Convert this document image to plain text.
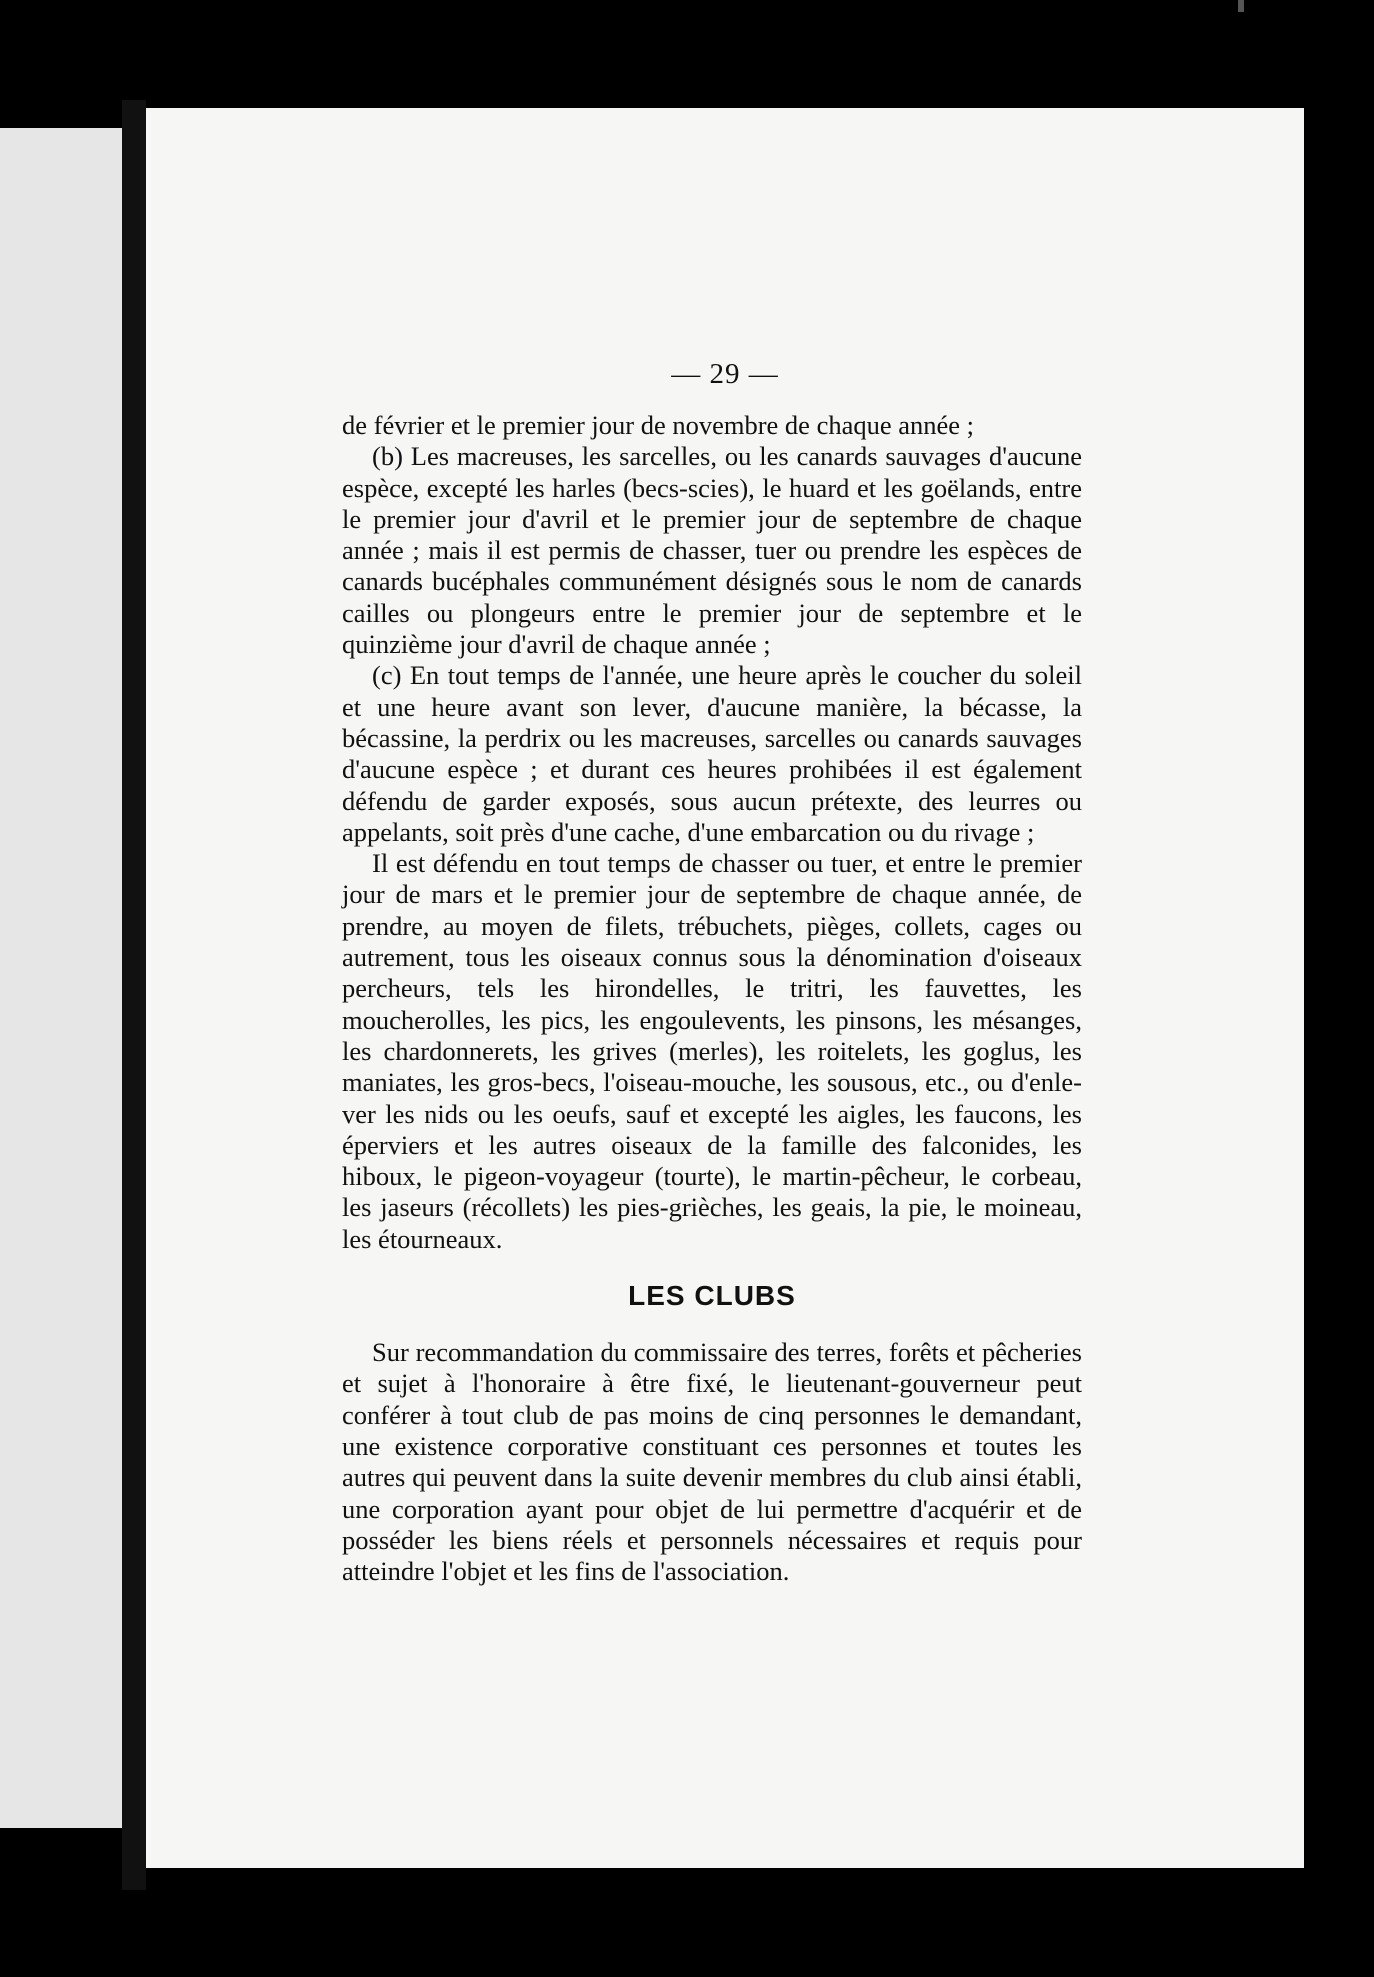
— 29 —

de février et le premier jour de novembre de chaque année ;

(b) Les macreuses, les sarcelles, ou les canards sauvages d'aucune espèce, excepté les harles (becs-scies), le huard et les goëlands, entre le premier jour d'avril et le premier jour de septembre de chaque année ; mais il est permis de chasser, tuer ou prendre les espèces de canards bucéphales communément désignés sous le nom de canards cailles ou plongeurs entre le premier jour de septembre et le quinzième jour d'avril de chaque année ;

(c) En tout temps de l'année, une heure après le coucher du soleil et une heure avant son lever, d'aucune manière, la bécasse, la bécassine, la perdrix ou les macreuses, sarcelles ou canards sauvages d'aucune espèce ; et durant ces heures prohibées il est également défendu de garder exposés, sous aucun prétexte, des leurres ou appelants, soit près d'une cache, d'une embarcation ou du rivage ;

Il est défendu en tout temps de chasser ou tuer, et entre le premier jour de mars et le premier jour de septembre de chaque année, de prendre, au moyen de filets, trébuchets, pièges, collets, cages ou autrement, tous les oiseaux connus sous la dénomination d'oiseaux percheurs, tels les hirondelles, le tritri, les fauvettes, les moucherolles, les pics, les engoulevents, les pinsons, les mésanges, les chardonnerets, les grives (merles), les roitelets, les goglus, les maniates, les gros-becs, l'oiseau-mouche, les sousous, etc., ou d'enlever les nids ou les oeufs, sauf et excepté les aigles, les faucons, les éperviers et les autres oiseaux de la famille des falconides, les hiboux, le pigeon-voyageur (tourte), le martin-pêcheur, le corbeau, les jaseurs (récollets) les pies-grièches, les geais, la pie, le moineau, les étourneaux.

LES CLUBS

Sur recommandation du commissaire des terres, forêts et pêcheries et sujet à l'honoraire à être fixé, le lieutenant-gouverneur peut conférer à tout club de pas moins de cinq personnes le demandant, une existence corporative constituant ces personnes et toutes les autres qui peuvent dans la suite devenir membres du club ainsi établi, une corporation ayant pour objet de lui permettre d'acquérir et de posséder les biens réels et personnels nécessaires et requis pour atteindre l'objet et les fins de l'association.
